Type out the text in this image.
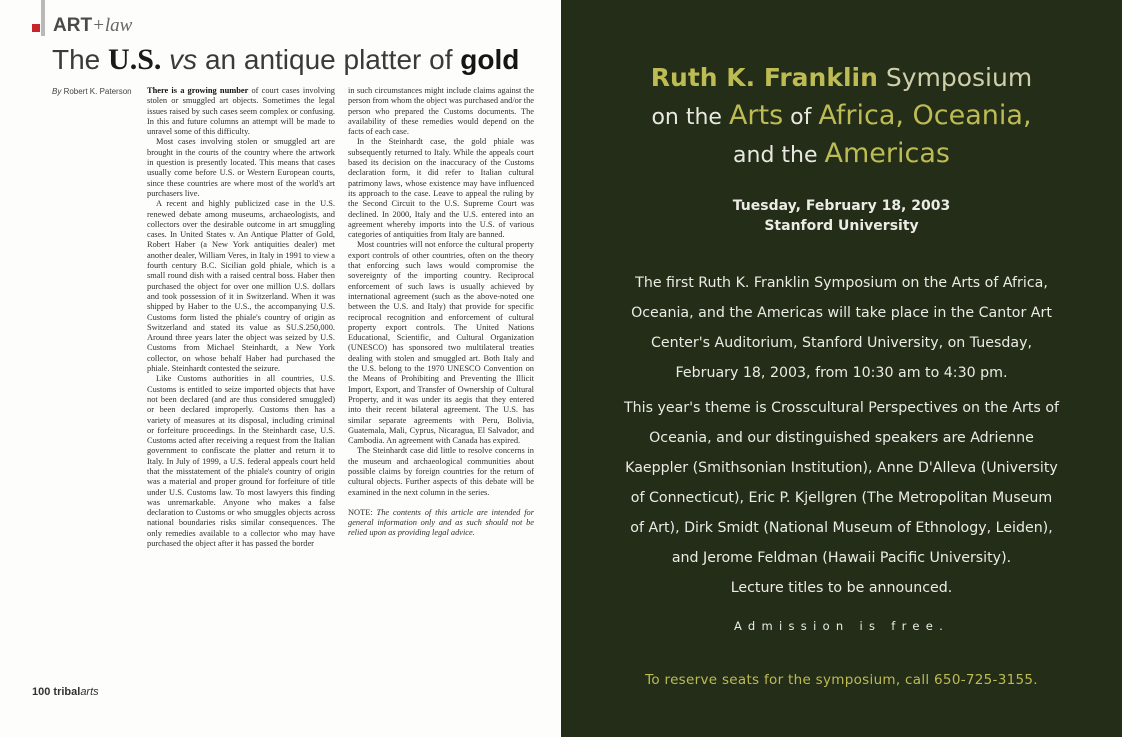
ART+law
The U.S. vs an antique platter of gold
By Robert K. Paterson There is a growing number of court cases involving stolen or smuggled art objects. Sometimes the legal issues raised by such cases seem complex or confusing. In this and future columns an attempt will be made to unravel some of this difficulty.

Most cases involving stolen or smuggled art are brought in the courts of the country where the artwork in question is presently located. This means that cases usually come before U.S. or Western European courts, since these countries are where most of the world's art purchasers live.

A recent and highly publicized case in the U.S. renewed debate among museums, archaeologists, and collectors over the desirable outcome in art smuggling cases. In United States v. An Antique Platter of Gold, Robert Haber (a New York antiquities dealer) met another dealer, William Veres, in Italy in 1991 to view a fourth century B.C. Sicilian gold phiale, which is a small round dish with a raised central boss. Haber then purchased the object for over one million U.S. dollars and took possession of it in Switzerland. When it was shipped by Haber to the U.S., the accompanying U.S. Customs form listed the phiale's country of origin as Switzerland and stated its value as SU.S.250,000. Around three years later the object was seized by U.S. Customs from Michael Steinhardt, a New York collector, on whose behalf Haber had purchased the phiale. Steinhardt contested the seizure.

Like Customs authorities in all countries, U.S. Customs is entitled to seize imported objects that have not been declared (and are thus considered smuggled) or been declared improperly. Customs then has a variety of measures at its disposal, including criminal or forfeiture proceedings. In the Steinhardt case, U.S. Customs acted after receiving a request from the Italian government to confiscate the platter and return it to Italy. In July of 1999, a U.S. federal appeals court held that the misstatement of the phiale's country of origin was a material and proper ground for forfeiture of title under U.S. Customs law. To most lawyers this finding was unremarkable. Anyone who makes a false declaration to Customs or who smuggles objects across national boundaries risks similar consequences. The only remedies available to a collector who may have purchased the object after it has passed the border

in such circumstances might include claims against the person from whom the object was purchased and/or the person who prepared the Customs documents. The availability of these remedies would depend on the facts of each case.

In the Steinhardt case, the gold phiale was subsequently returned to Italy. While the appeals court based its decision on the inaccuracy of the Customs declaration form, it did refer to Italian cultural patrimony laws, whose existence may have influenced its approach to the case. Leave to appeal the ruling by the Second Circuit to the U.S. Supreme Court was declined. In 2000, Italy and the U.S. entered into an agreement whereby imports into the U.S. of various categories of antiquities from Italy are banned.

Most countries will not enforce the cultural property export controls of other countries, often on the theory that enforcing such laws would compromise the sovereignty of the importing country. Reciprocal enforcement of such laws is usually achieved by international agreement (such as the above-noted one between the U.S. and Italy) that provide for specific reciprocal recognition and enforcement of cultural property export controls. The United Nations Educational, Scientific, and Cultural Organization (UNESCO) has sponsored two multilateral treaties dealing with stolen and smuggled art. Both Italy and the U.S. belong to the 1970 UNESCO Convention on the Means of Prohibiting and Preventing the Illicit Import, Export, and Transfer of Ownership of Cultural Property, and it was under its aegis that they entered into their recent bilateral agreement. The U.S. has similar separate agreements with Peru, Bolivia, Guatemala, Mali, Cyprus, Nicaragua, El Salvador, and Cambodia. An agreement with Canada has expired.

The Steinhardt case did little to resolve concerns in the museum and archaeological communities about possible claims by foreign countries for the return of cultural objects. Further aspects of this debate will be examined in the next column in the series.

NOTE: The contents of this article are intended for general information only and as such should not be relied upon as providing legal advice.

100 tribalarts
Ruth K. Franklin Symposium
on the Arts of Africa, Oceania,
and the Americas
Tuesday, February 18, 2003
Stanford University

The first Ruth K. Franklin Symposium on the Arts of Africa, Oceania, and the Americas will take place in the Cantor Art Center's Auditorium, Stanford University, on Tuesday, February 18, 2003, from 10:30 am to 4:30 pm.

This year's theme is Crosscultural Perspectives on the Arts of Oceania, and our distinguished speakers are Adrienne Kaeppler (Smithsonian Institution), Anne D'Alleva (University of Connecticut), Eric P. Kjellgren (The Metropolitan Museum of Art), Dirk Smidt (National Museum of Ethnology, Leiden), and Jerome Feldman (Hawaii Pacific University).

Lecture titles to be announced.

Admission is free.
To reserve seats for the symposium, call 650-725-3155.
